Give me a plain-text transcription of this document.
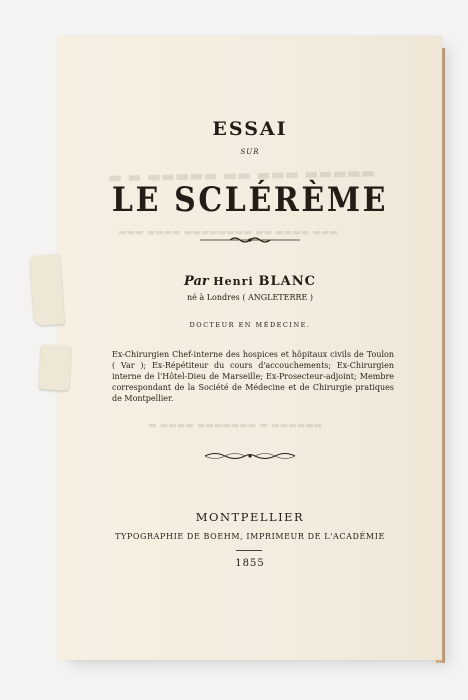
▬ ▬ ▬▬▬▬▬ ▬▬ ▬▬▬ ▬▬▬▬▬
▬▬▬ ▬▬▬▬ ▬▬▬▬▬▬▬▬ ▬▬ ▬▬▬▬ ▬▬▬
▬ ▬▬▬▬ ▬▬▬▬▬▬▬ ▬ ▬▬▬▬▬▬
ESSAI
SUR
LE SCLÉRÈME
Par Henri BLANC
né à Londres ( ANGLETERRE )
DOCTEUR EN MÉDECINE.
Ex-Chirurgien Chef-interne des hospices et hôpitaux civils de Toulon ( Var ); Ex-Répétiteur du cours d'accouchements; Ex-Chirurgien interne de l'Hôtel-Dieu de Marseille; Ex-Prosecteur-adjoint; Membre correspondant de la Société de Médecine et de Chirurgie pratiques de Montpellier.
MONTPELLIER
TYPOGRAPHIE DE BOEHM, IMPRIMEUR DE L'ACADÉMIE
1855
